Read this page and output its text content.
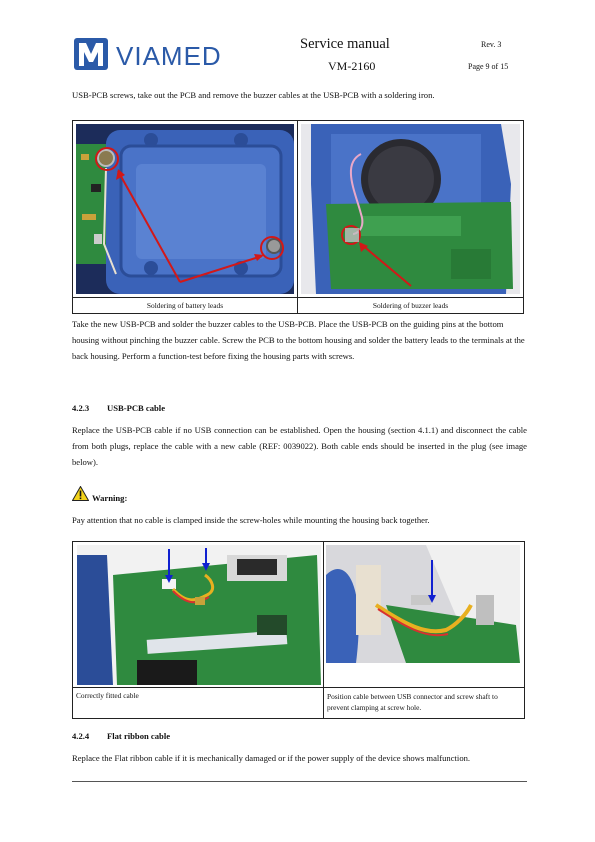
VIAMED	Service manual
VM-2160
Rev. 3
Page 9 of 15
USB-PCB screws, take out the PCB and remove the buzzer cables at the USB-PCB with a soldering iron.
Soldering of battery leads	Soldering of buzzer leads
Take the new USB-PCB and solder the buzzer cables to the USB-PCB. Place the USB-PCB on the guiding pins at the bottom housing without pinching the buzzer cable. Screw the PCB to the bottom housing and solder the battery leads to the terminals at the back housing. Perform a function-test before fixing the housing parts with screws.
4.2.3 USB-PCB cable
Replace the USB-PCB cable if no USB connection can be established. Open the housing (section 4.1.1) and disconnect the cable from both plugs, replace the cable with a new cable (REF: 0039022). Both cable ends should be inserted in the plug (see image below).
Warning:
Pay attention that no cable is clamped inside the screw-holes while mounting the housing back together.
Correctly fitted cable	Position cable between USB connector and screw shaft to prevent clamping at screw hole.
4.2.4 Flat ribbon cable
Replace the Flat ribbon cable if it is mechanically damaged or if the power supply of the device shows malfunction.
